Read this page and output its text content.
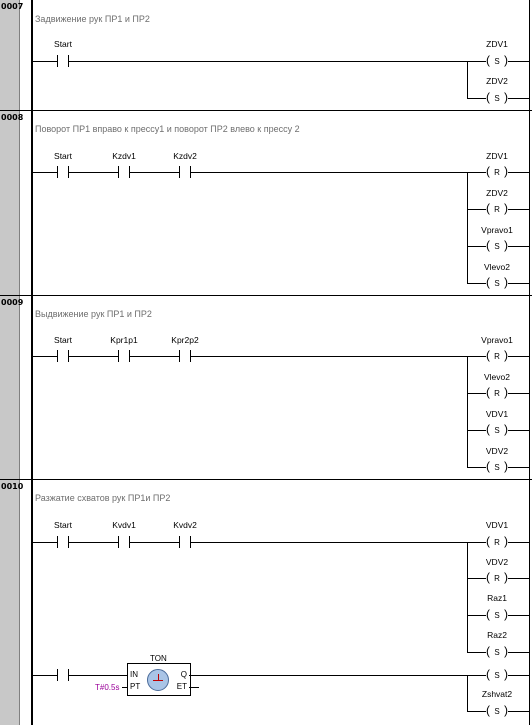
0007
Задвижение рук ПР1 и ПР2
Start	ZDV1
( S )
ZDV2
( S )
0008
Поворот ПР1 вправо к прессу1 и поворот ПР2 влево к прессу 2
Start	Kzdv1	Kzdv2	ZDV1
( R )
ZDV2
( R )
Vpravo1
( S )
Vlevo2
( S )
0009
Выдвижение рук ПР1 и ПР2
Start	Kpr1p1	Kpr2p2	Vpravo1
( R )
Vlevo2
( R )
VDV1
( S )
VDV2
( S )
0010
Разжатие схватов рук ПР1и ПР2
Start	Kvdv1	Kvdv2	VDV1
( R )
VDV2
( R )
Raz1
( S )
Raz2
( S )
TON
IN
PT
Q
ET
T#0.5s
( S )
Zshvat2
( S )
